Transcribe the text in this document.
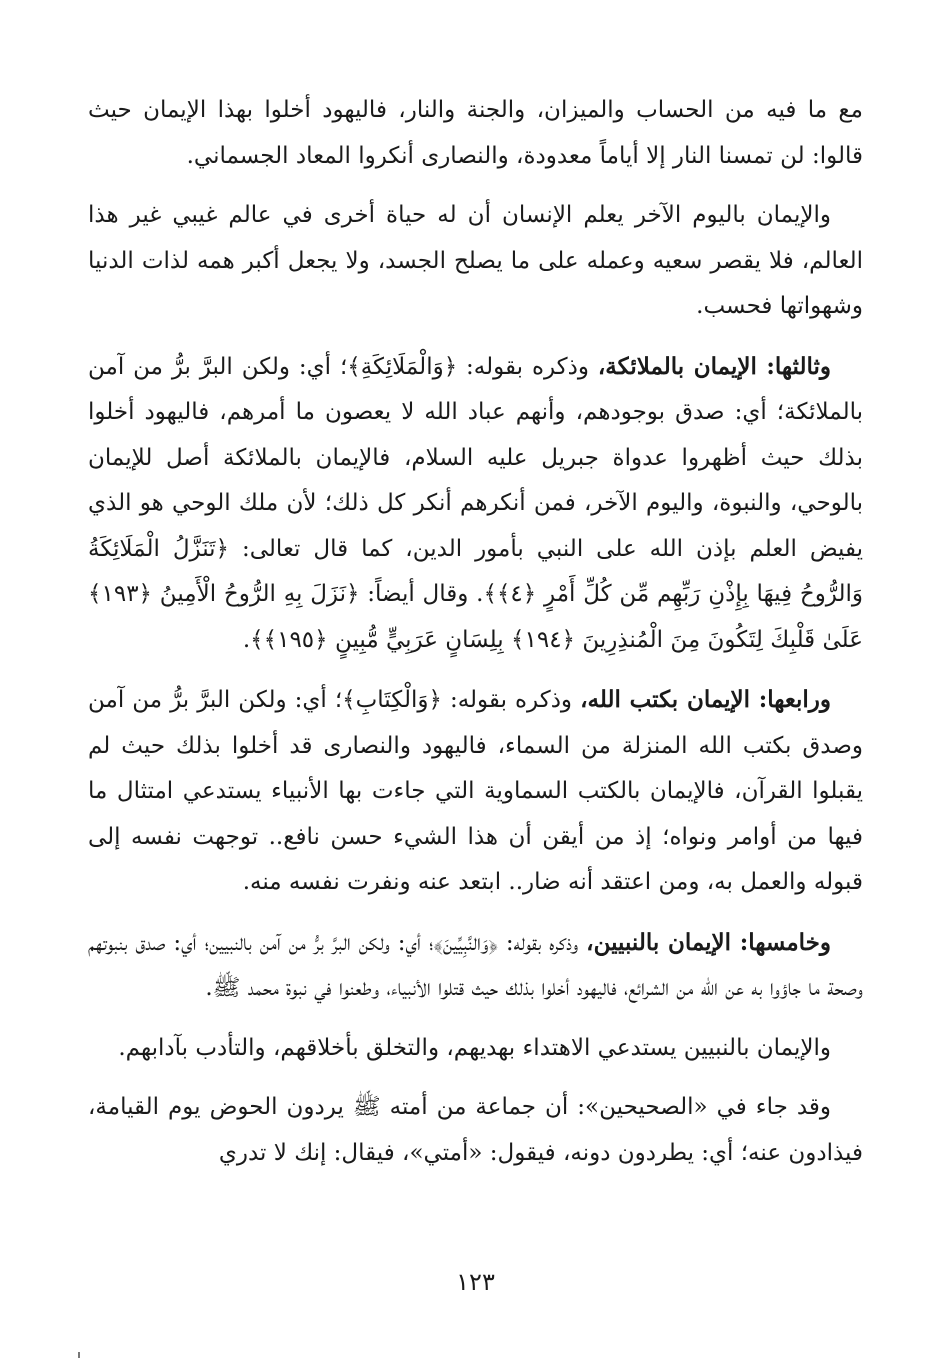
مع ما فيه من الحساب والميزان، والجنة والنار، فاليهود أخلوا بهذا الإيمان حيث قالوا: لن تمسنا النار إلا أياماً معدودة، والنصارى أنكروا المعاد الجسماني.

والإيمان باليوم الآخر يعلم الإنسان أن له حياة أخرى في عالم غيبي غير هذا العالم، فلا يقصر سعيه وعمله على ما يصلح الجسد، ولا يجعل أكبر همه لذات الدنيا وشهواتها فحسب.

وثالثها: الإيمان بالملائكة، وذكره بقوله: ﴿وَالْمَلَائِكَةِ﴾؛ أي: ولكن البرَّ برُّ من آمن بالملائكة؛ أي: صدق بوجودهم، وأنهم عباد الله لا يعصون ما أمرهم، فاليهود أخلوا بذلك حيث أظهروا عدواة جبريل عليه السلام، فالإيمان بالملائكة أصل للإيمان بالوحي، والنبوة، واليوم الآخر، فمن أنكرهم أنكر كل ذلك؛ لأن ملك الوحي هو الذي يفيض العلم بإذن الله على النبي بأمور الدين، كما قال تعالى: ﴿تَنَزَّلُ الْمَلَائِكَةُ وَالرُّوحُ فِيهَا بِإِذْنِ رَبِّهِم مِّن كُلِّ أَمْرٍ ﴿٤﴾﴾. وقال أيضاً: ﴿نَزَلَ بِهِ الرُّوحُ الْأَمِينُ ﴿١٩٣﴾ عَلَىٰ قَلْبِكَ لِتَكُونَ مِنَ الْمُنذِرِينَ ﴿١٩٤﴾ بِلِسَانٍ عَرَبِيٍّ مُّبِينٍ ﴿١٩٥﴾﴾.

ورابعها: الإيمان بكتب الله، وذكره بقوله: ﴿وَالْكِتَابِ﴾؛ أي: ولكن البرَّ برُّ من آمن وصدق بكتب الله المنزلة من السماء، فاليهود والنصارى قد أخلوا بذلك حيث لم يقبلوا القرآن، فالإيمان بالكتب السماوية التي جاءت بها الأنبياء يستدعي امتثال ما فيها من أوامر ونواه؛ إذ من أيقن أن هذا الشيء حسن نافع.. توجهت نفسه إلى قبوله والعمل به، ومن اعتقد أنه ضار.. ابتعد عنه ونفرت نفسه منه.

وخامسها: الإيمان بالنبيين، وذكره بقوله: ﴿وَالنَّبِيِّينَ﴾؛ أي: ولكن البرَّ برُّ من آمن بالنبيين؛ أي: صدق بنبوتهم وصحة ما جاؤوا به عن الله من الشرائع، فاليهود أخلوا بذلك حيث قتلوا الأنبياء، وطعنوا في نبوة محمد ﷺ.

والإيمان بالنبيين يستدعي الاهتداء بهديهم، والتخلق بأخلاقهم، والتأدب بآدابهم.

وقد جاء في «الصحيحين»: أن جماعة من أمته ﷺ يردون الحوض يوم القيامة، فيذادون عنه؛ أي: يطردون دونه، فيقول: «أمتي»، فيقال: إنك لا تدري

١٢٣
